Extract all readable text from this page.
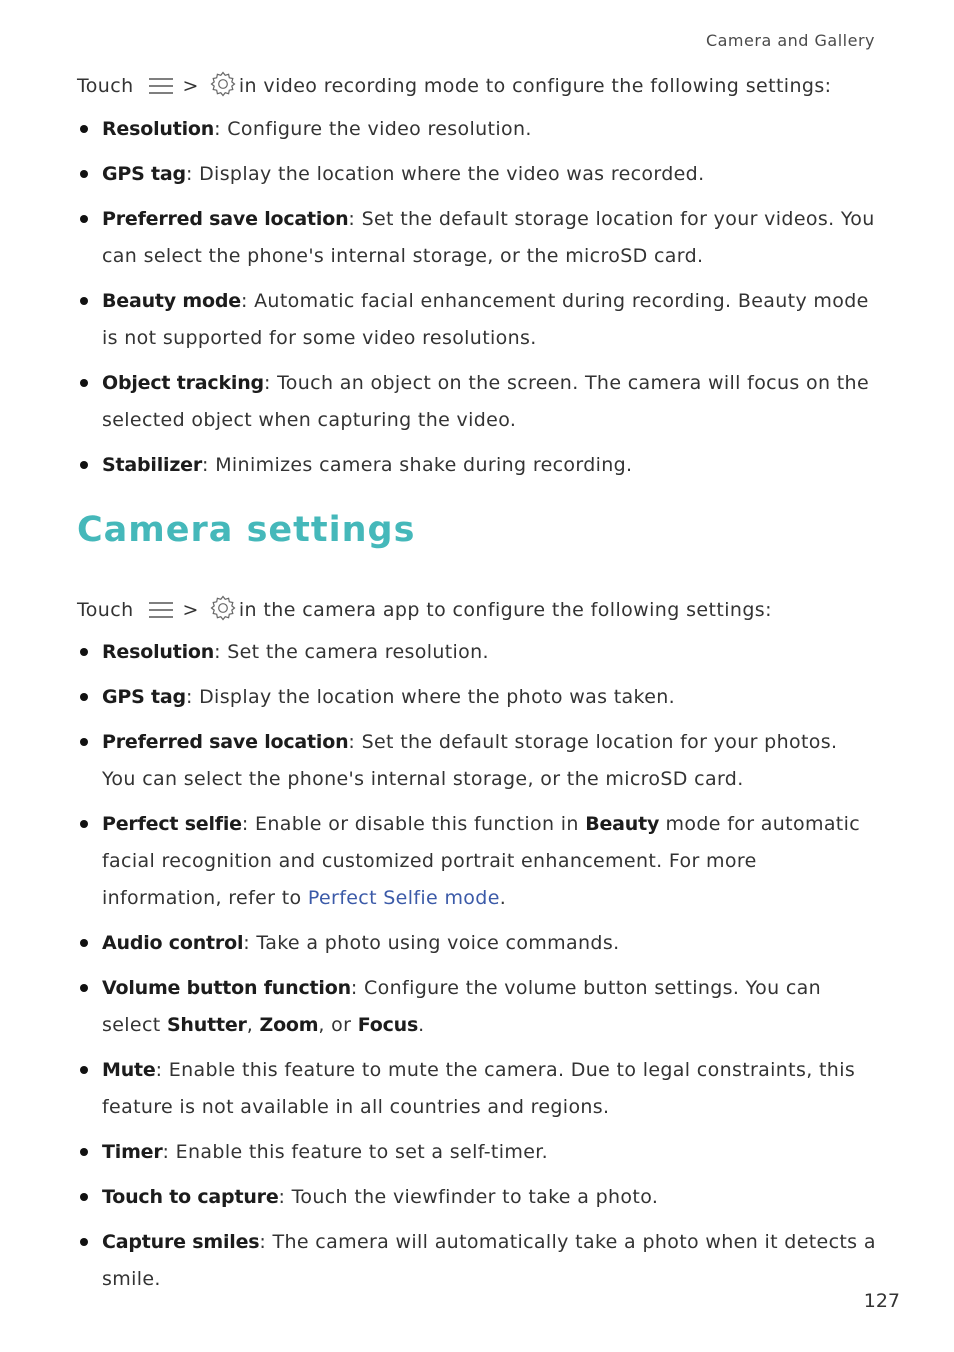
Camera and Gallery
Touch	> in video recording mode to configure the following settings:
Resolution: Configure the video resolution.
GPS tag: Display the location where the video was recorded.
Preferred save location: Set the default storage location for your videos. You can select the phone's internal storage, or the microSD card.
Beauty mode: Automatic facial enhancement during recording. Beauty mode is not supported for some video resolutions.
Object tracking: Touch an object on the screen. The camera will focus on the selected object when capturing the video.
Stabilizer: Minimizes camera shake during recording.
Camera settings
Touch	> in the camera app to configure the following settings:
Resolution: Set the camera resolution.
GPS tag: Display the location where the photo was taken.
Preferred save location: Set the default storage location for your photos. You can select the phone's internal storage, or the microSD card.
Perfect selfie: Enable or disable this function in Beauty mode for automatic facial recognition and customized portrait enhancement. For more information, refer to Perfect Selfie mode.
Audio control: Take a photo using voice commands.
Volume button function: Configure the volume button settings. You can select Shutter, Zoom, or Focus.
Mute: Enable this feature to mute the camera. Due to legal constraints, this feature is not available in all countries and regions.
Timer: Enable this feature to set a self-timer.
Touch to capture: Touch the viewfinder to take a photo.
Capture smiles: The camera will automatically take a photo when it detects a smile.
127
